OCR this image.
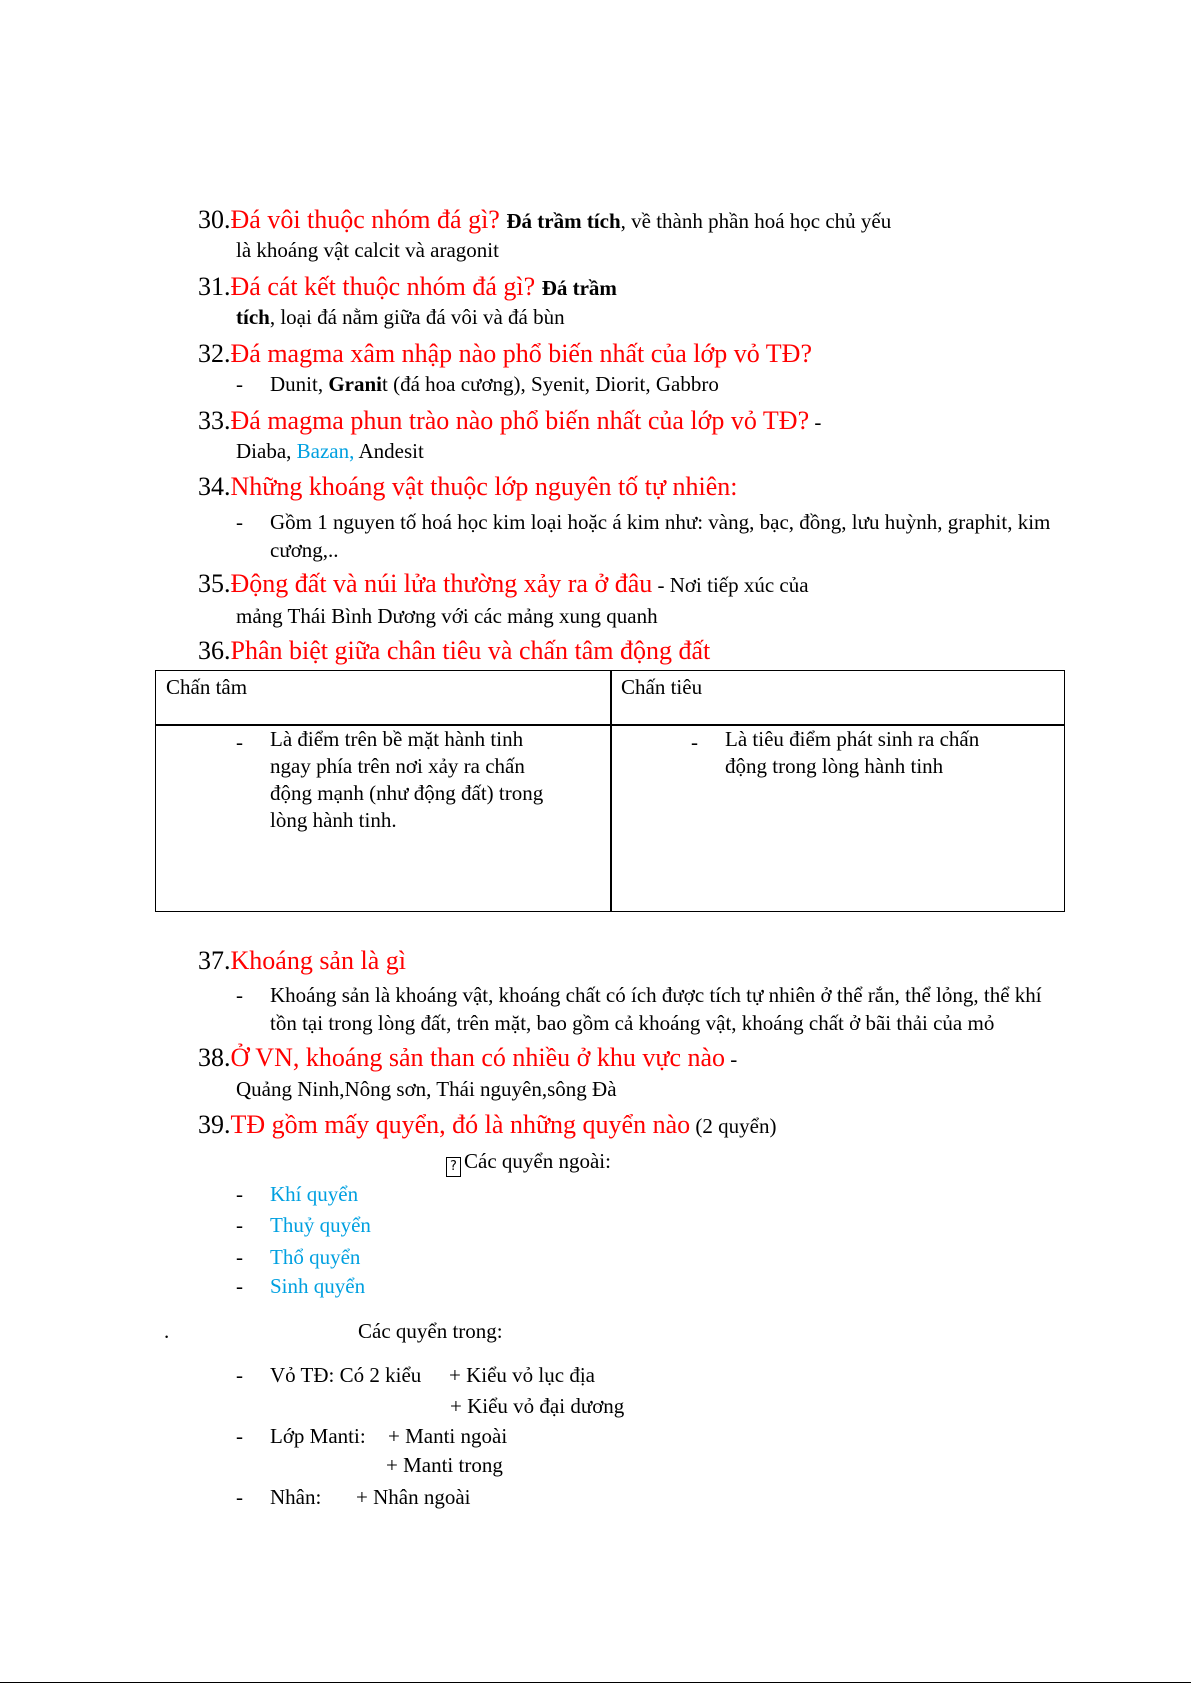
30.Đá vôi thuộc nhóm đá gì? Đá trầm tích, về thành phần hoá học chủ yếu
là khoáng vật calcit và aragonit
31.Đá cát kết thuộc nhóm đá gì? Đá trầm
tích, loại đá nằm giữa đá vôi và đá bùn
32.Đá magma xâm nhập nào phổ biến nhất của lớp vỏ TĐ?
- Dunit, Granit (đá hoa cương), Syenit, Diorit, Gabbro
33.Đá magma phun trào nào phổ biến nhất của lớp vỏ TĐ? -
Diaba, Bazan, Andesit
34.Những khoáng vật thuộc lớp nguyên tố tự nhiên:
- Gồm 1 nguyen tố hoá học kim loại hoặc á kim như: vàng, bạc, đồng, lưu huỳnh, graphit, kim
cương,..
35.Động đất và núi lửa thường xảy ra ở đâu - Nơi tiếp xúc của
mảng Thái Bình Dương với các mảng xung quanh
36.Phân biệt giữa chân tiêu và chấn tâm động đất
Chấn tâm	Chấn tiêu
- Là điểm trên bề mặt hành tinh
ngay phía trên nơi xảy ra chấn
động mạnh (như động đất) trong
lòng hành tinh.
- Là tiêu điểm phát sinh ra chấn
động trong lòng hành tinh
37.Khoáng sản là gì
- Khoáng sản là khoáng vật, khoáng chất có ích được tích tự nhiên ở thể rắn, thể lỏng, thể khí
tồn tại trong lòng đất, trên mặt, bao gồm cả khoáng vật, khoáng chất ở bãi thải của mỏ
38.Ở VN, khoáng sản than có nhiều ở khu vực nào -
Quảng Ninh,Nông sơn, Thái nguyên,sông Đà
39.TĐ gồm mấy quyển, đó là những quyển nào (2 quyển)
? Các quyển ngoài:
- Khí quyển
- Thuỷ quyển
- Thổ quyển
- Sinh quyển
.	Các quyển trong:
- Vỏ TĐ: Có 2 kiểu + Kiểu vỏ lục địa
+ Kiểu vỏ đại dương
- Lớp Manti: + Manti ngoài
+ Manti trong
- Nhân: + Nhân ngoài
